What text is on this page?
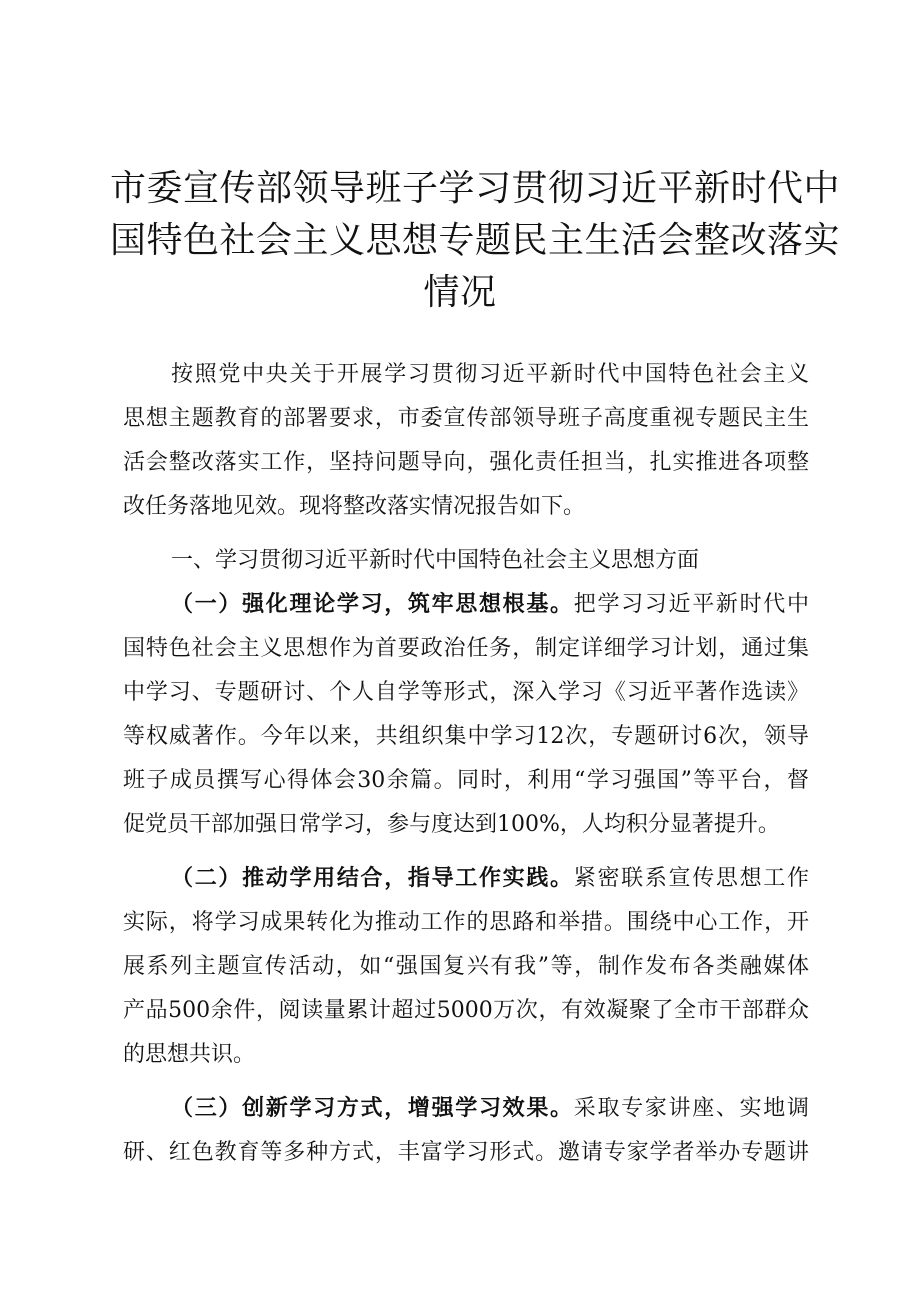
市委宣传部领导班子学习贯彻习近平新时代中
国特色社会主义思想专题民主生活会整改落实
情况
按照党中央关于开展学习贯彻习近平新时代中国特色社会主义
思想主题教育的部署要求，市委宣传部领导班子高度重视专题民主生
活会整改落实工作，坚持问题导向，强化责任担当，扎实推进各项整
改任务落地见效。现将整改落实情况报告如下。
一、学习贯彻习近平新时代中国特色社会主义思想方面
（一）强化理论学习，筑牢思想根基。把学习习近平新时代中
国特色社会主义思想作为首要政治任务，制定详细学习计划，通过集
中学习、专题研讨、个人自学等形式，深入学习《习近平著作选读》
等权威著作。今年以来，共组织集中学习12次，专题研讨6次，领导
班子成员撰写心得体会30余篇。同时，利用“学习强国”等平台，督
促党员干部加强日常学习，参与度达到100%，人均积分显著提升。
（二）推动学用结合，指导工作实践。紧密联系宣传思想工作
实际，将学习成果转化为推动工作的思路和举措。围绕中心工作，开
展系列主题宣传活动，如“强国复兴有我”等，制作发布各类融媒体
产品500余件，阅读量累计超过5000万次，有效凝聚了全市干部群众
的思想共识。
（三）创新学习方式，增强学习效果。采取专家讲座、实地调
研、红色教育等多种方式，丰富学习形式。邀请专家学者举办专题讲
